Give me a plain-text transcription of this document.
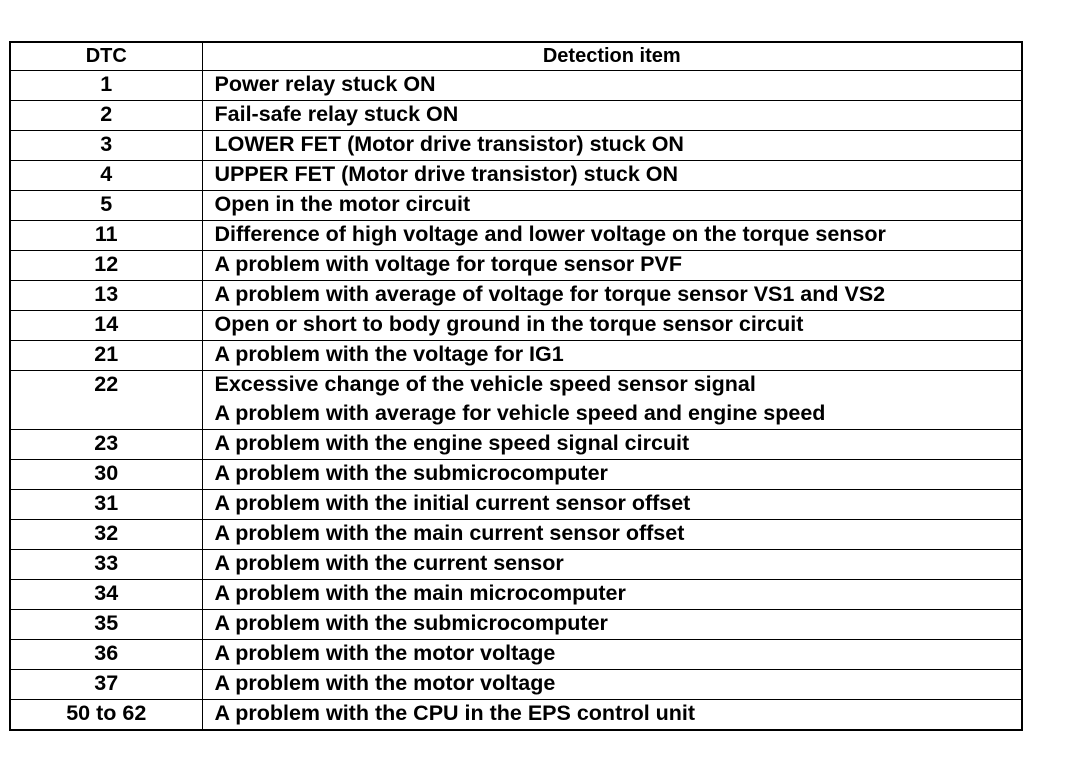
DTC	Detection item
1	Power relay stuck ON

2	Fail-safe relay stuck ON

3	LOWER FET (Motor drive transistor) stuck ON

4	UPPER FET (Motor drive transistor) stuck ON

5	Open in the motor circuit

11	Difference of high voltage and lower voltage on the torque sensor

12	A problem with voltage for torque sensor PVF

13	A problem with average of voltage for torque sensor VS1 and VS2

14	Open or short to body ground in the torque sensor circuit

21	A problem with the voltage for IG1

22	Excessive change of the vehicle speed sensor signal
A problem with average for vehicle speed and engine speed

23	A problem with the engine speed signal circuit

30	A problem with the submicrocomputer

31	A problem with the initial current sensor offset

32	A problem with the main current sensor offset

33	A problem with the current sensor

34	A problem with the main microcomputer

35	A problem with the submicrocomputer

36	A problem with the motor voltage

37	A problem with the motor voltage

50 to 62	A problem with the CPU in the EPS control unit
